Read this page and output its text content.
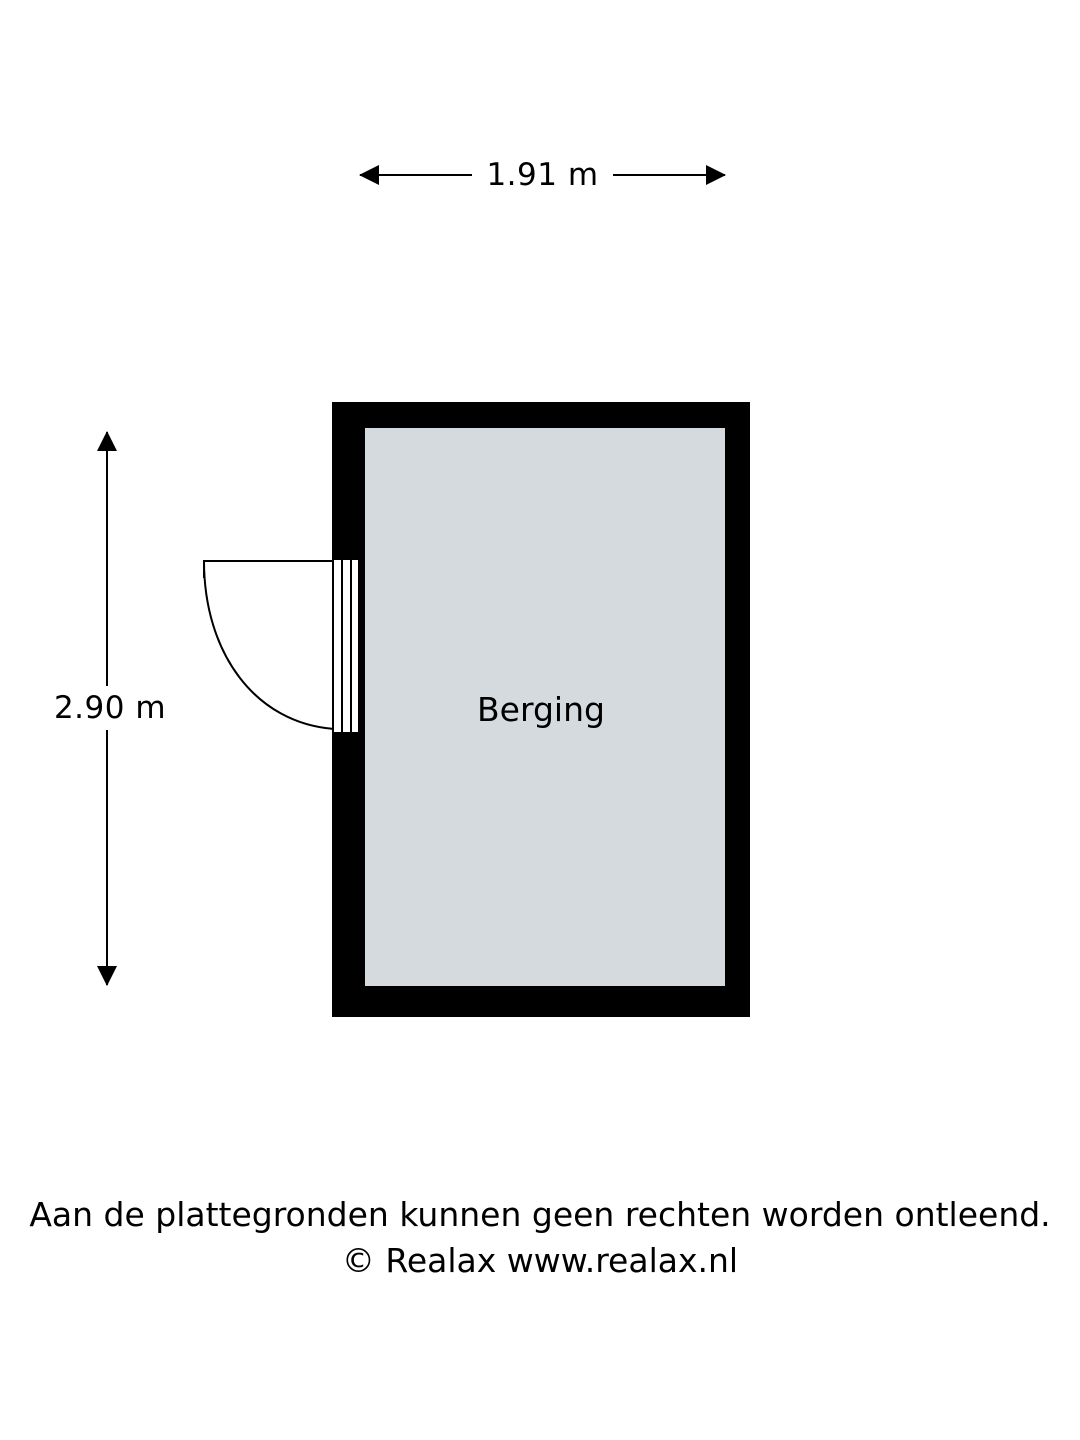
1.91 m
2.90 m	Berging
Aan de plattegronden kunnen geen rechten worden ontleend.
© Realax www.realax.nl
